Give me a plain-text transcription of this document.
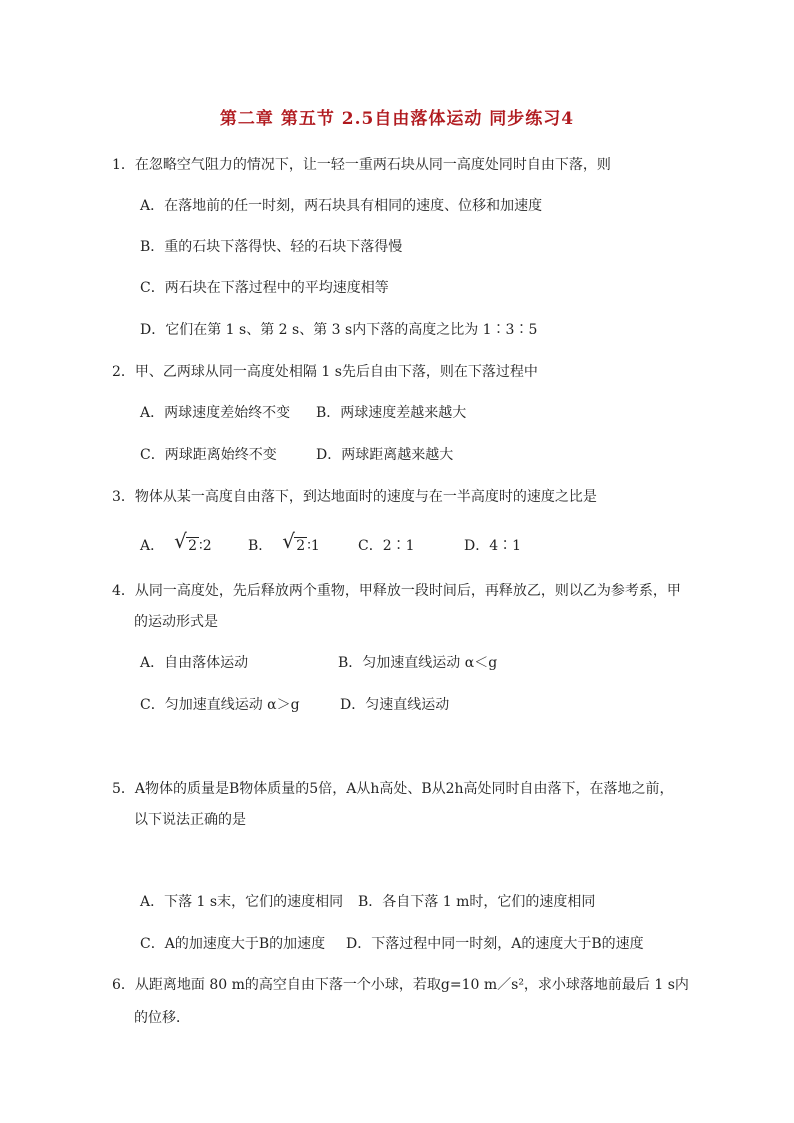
第二章 第五节 2.5自由落体运动 同步练习4
1．在忽略空气阻力的情况下，让一轻一重两石块从同一高度处同时自由下落，则
A．在落地前的任一时刻，两石块具有相同的速度、位移和加速度
B．重的石块下落得快、轻的石块下落得慢
C．两石块在下落过程中的平均速度相等
D．它们在第 1 s、第 2 s、第 3 s内下落的高度之比为 1∶3∶5
2．甲、乙两球从同一高度处相隔 1 s先后自由下落，则在下落过程中
A．两球速度差始终不变 B．两球速度差越来越大
C．两球距离始终不变	D．两球距离越来越大
3．物体从某一高度自由落下，到达地面时的速度与在一半高度时的速度之比是
A． √ 2 ∶2	B． √ 2 ∶1	C．2∶1	D．4∶1
4．从同一高度处，先后释放两个重物，甲释放一段时间后，再释放乙，则以乙为参考系，甲
的运动形式是
A．自由落体运动	B．匀加速直线运动 α＜g
C．匀加速直线运动 α＞g	D．匀速直线运动
5．A物体的质量是B物体质量的5倍，A从h高处、B从2h高处同时自由落下，在落地之前，
以下说法正确的是
A．下落 1 s末，它们的速度相同 B．各自下落 1 m时，它们的速度相同
C．A的加速度大于B的加速度 D．下落过程中同一时刻，A的速度大于B的速度
6．从距离地面 80 m的高空自由下落一个小球，若取g=10 m／s²，求小球落地前最后 1 s内
的位移．
